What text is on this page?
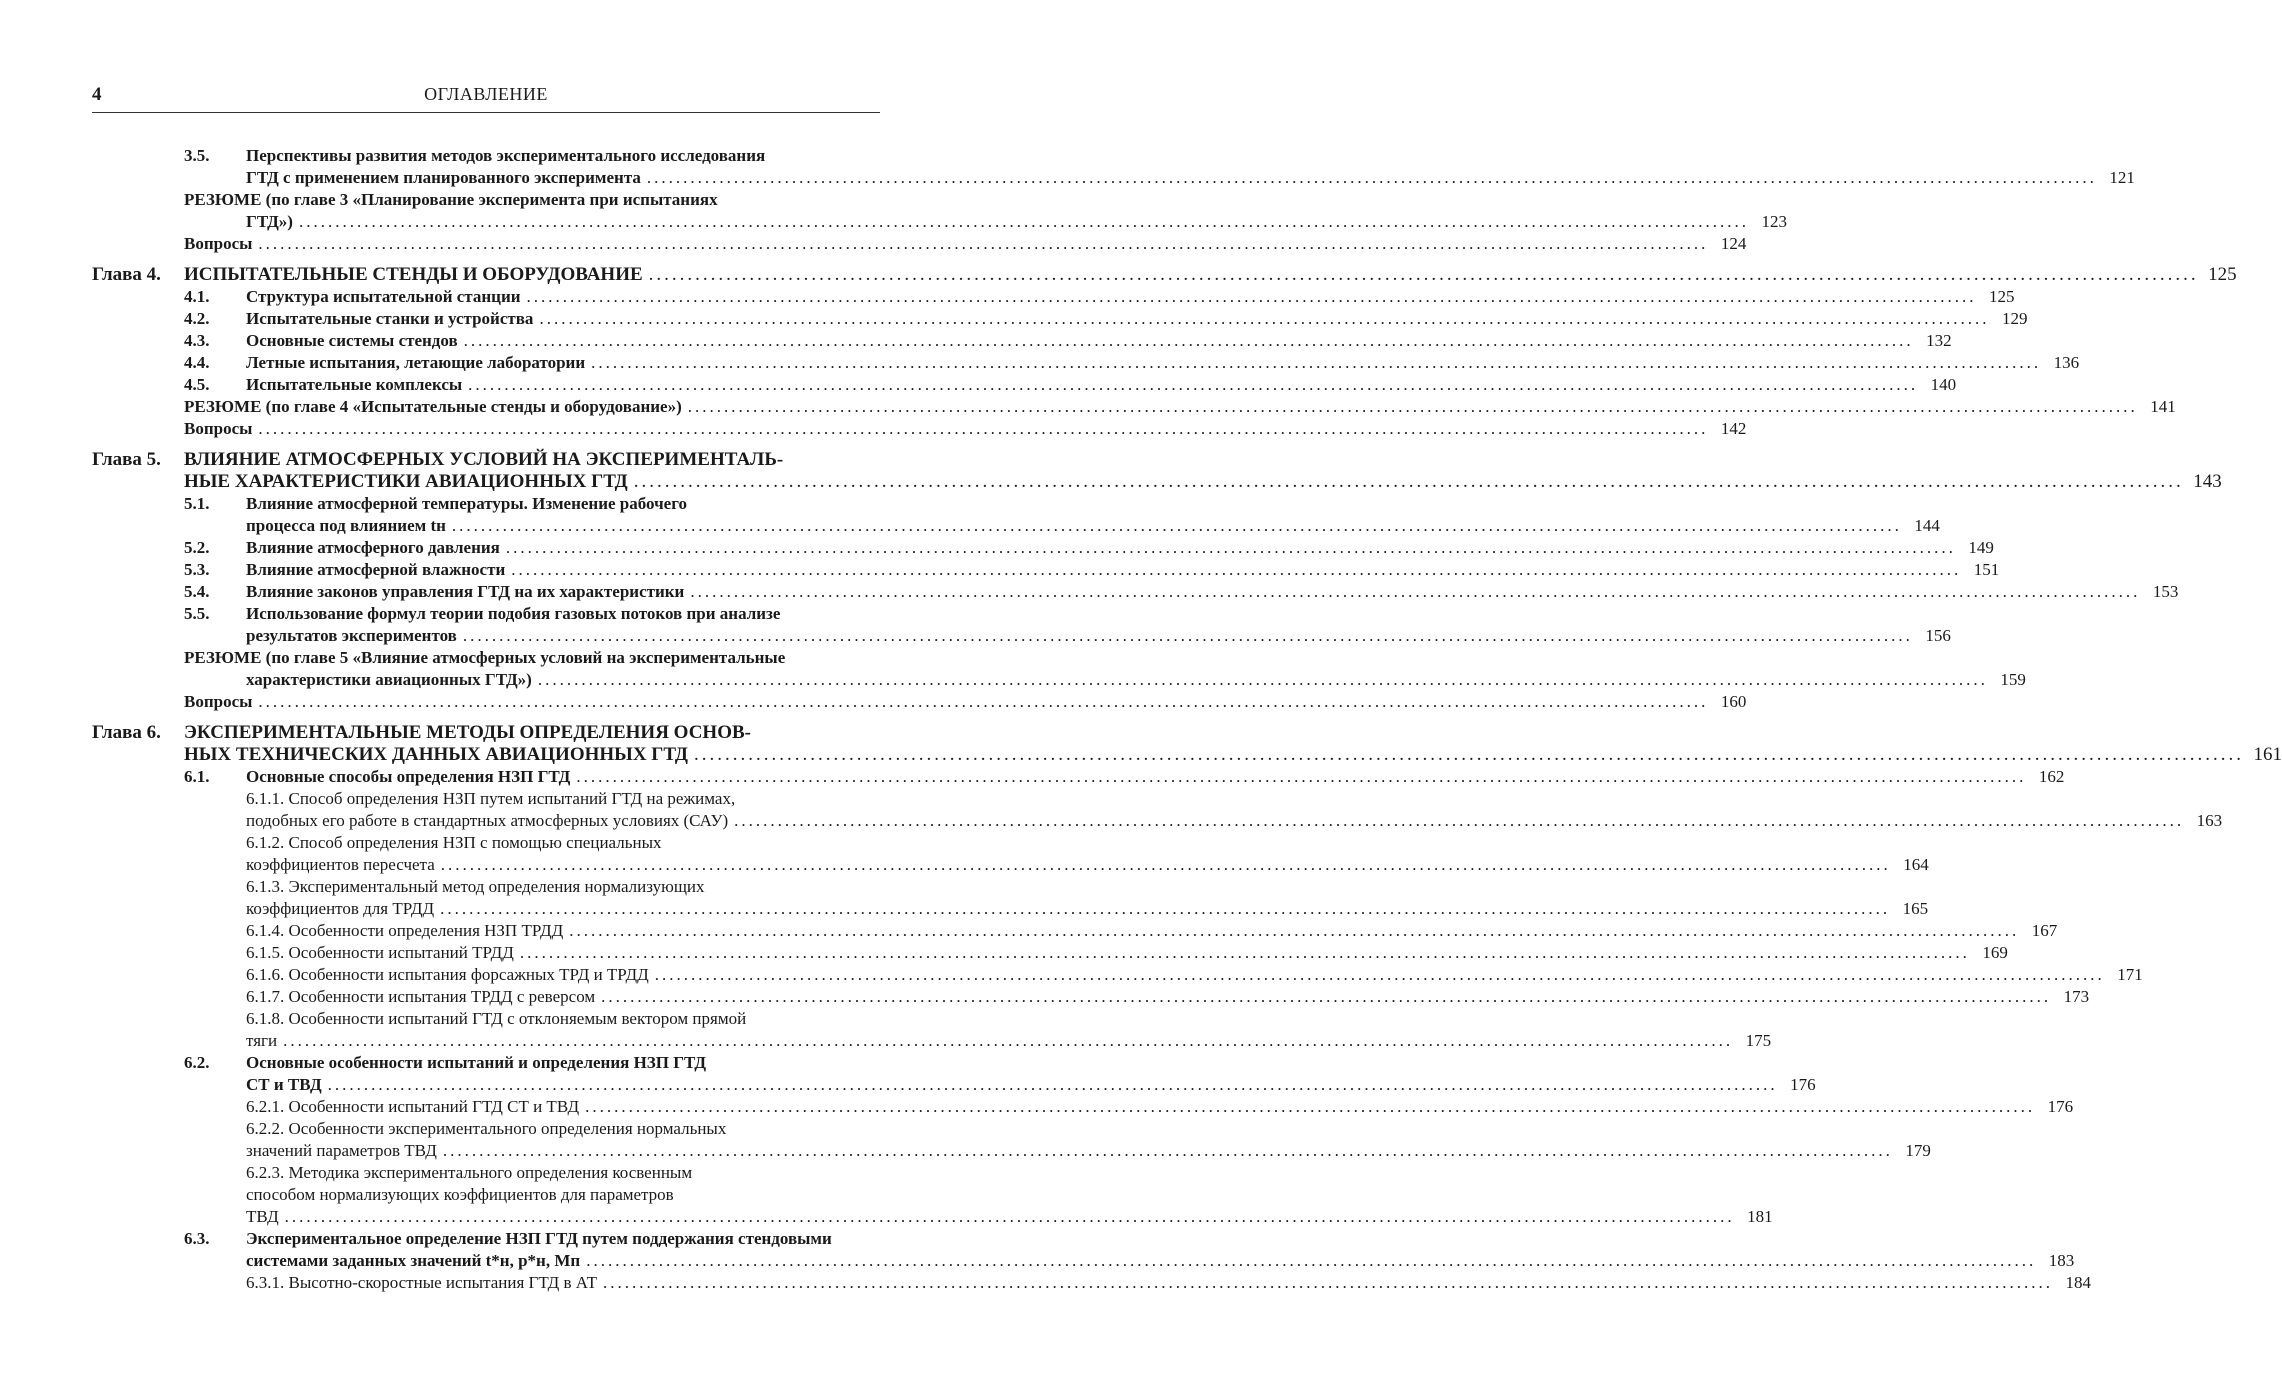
4	ОГЛАВЛЕНИЕ
3.5. Перспективы развития методов экспериментального исследования
ГТД с применением планированного эксперимента ........................................................................................................................................................................................................ 121
РЕЗЮМЕ (по главе 3 «Планирование эксперимента при испытаниях
ГТД») ........................................................................................................................................................................................................ 123
Вопросы ........................................................................................................................................................................................................ 124
Глава 4. ИСПЫТАТЕЛЬНЫЕ СТЕНДЫ И ОБОРУДОВАНИЕ ........................................................................................................................................................................................................ 125
4.1. Структура испытательной станции ........................................................................................................................................................................................................ 125
4.2. Испытательные станки и устройства ........................................................................................................................................................................................................ 129
4.3. Основные системы стендов ........................................................................................................................................................................................................ 132
4.4. Летные испытания, летающие лаборатории ........................................................................................................................................................................................................ 136
4.5. Испытательные комплексы ........................................................................................................................................................................................................ 140
РЕЗЮМЕ (по главе 4 «Испытательные стенды и оборудование») ........................................................................................................................................................................................................ 141
Вопросы ........................................................................................................................................................................................................ 142
Глава 5. ВЛИЯНИЕ АТМОСФЕРНЫХ УСЛОВИЙ НА ЭКСПЕРИМЕНТАЛЬ-
НЫЕ ХАРАКТЕРИСТИКИ АВИАЦИОННЫХ ГТД ........................................................................................................................................................................................................ 143
5.1. Влияние атмосферной температуры. Изменение рабочего
процесса под влиянием tн ........................................................................................................................................................................................................ 144
5.2. Влияние атмосферного давления ........................................................................................................................................................................................................ 149
5.3. Влияние атмосферной влажности ........................................................................................................................................................................................................ 151
5.4. Влияние законов управления ГТД на их характеристики ........................................................................................................................................................................................................ 153
5.5. Использование формул теории подобия газовых потоков при анализе
результатов экспериментов ........................................................................................................................................................................................................ 156
РЕЗЮМЕ (по главе 5 «Влияние атмосферных условий на экспериментальные
характеристики авиационных ГТД») ........................................................................................................................................................................................................ 159
Вопросы ........................................................................................................................................................................................................ 160
Глава 6. ЭКСПЕРИМЕНТАЛЬНЫЕ МЕТОДЫ ОПРЕДЕЛЕНИЯ ОСНОВ-
НЫХ ТЕХНИЧЕСКИХ ДАННЫХ АВИАЦИОННЫХ ГТД ........................................................................................................................................................................................................ 161
6.1. Основные способы определения НЗП ГТД ........................................................................................................................................................................................................ 162
6.1.1. Способ определения НЗП путем испытаний ГТД на режимах,
подобных его работе в стандартных атмосферных условиях (САУ) ........................................................................................................................................................................................................ 163
6.1.2. Способ определения НЗП с помощью специальных
коэффициентов пересчета ........................................................................................................................................................................................................ 164
6.1.3. Экспериментальный метод определения нормализующих
коэффициентов для ТРДД ........................................................................................................................................................................................................ 165
6.1.4. Особенности определения НЗП ТРДД ........................................................................................................................................................................................................ 167
6.1.5. Особенности испытаний ТРДД ........................................................................................................................................................................................................ 169
6.1.6. Особенности испытания форсажных ТРД и ТРДД ........................................................................................................................................................................................................ 171
6.1.7. Особенности испытания ТРДД с реверсом ........................................................................................................................................................................................................ 173
6.1.8. Особенности испытаний ГТД с отклоняемым вектором прямой
тяги ........................................................................................................................................................................................................ 175
6.2. Основные особенности испытаний и определения НЗП ГТД
СТ и ТВД ........................................................................................................................................................................................................ 176
6.2.1. Особенности испытаний ГТД СТ и ТВД ........................................................................................................................................................................................................ 176
6.2.2. Особенности экспериментального определения нормальных
значений параметров ТВД ........................................................................................................................................................................................................ 179
6.2.3. Методика экспериментального определения косвенным
способом нормализующих коэффициентов для параметров
ТВД ........................................................................................................................................................................................................ 181
6.3. Экспериментальное определение НЗП ГТД путем поддержания стендовыми
системами заданных значений t*н, p*н, Мп ........................................................................................................................................................................................................ 183
6.3.1. Высотно-скоростные испытания ГТД в АТ ........................................................................................................................................................................................................ 184
